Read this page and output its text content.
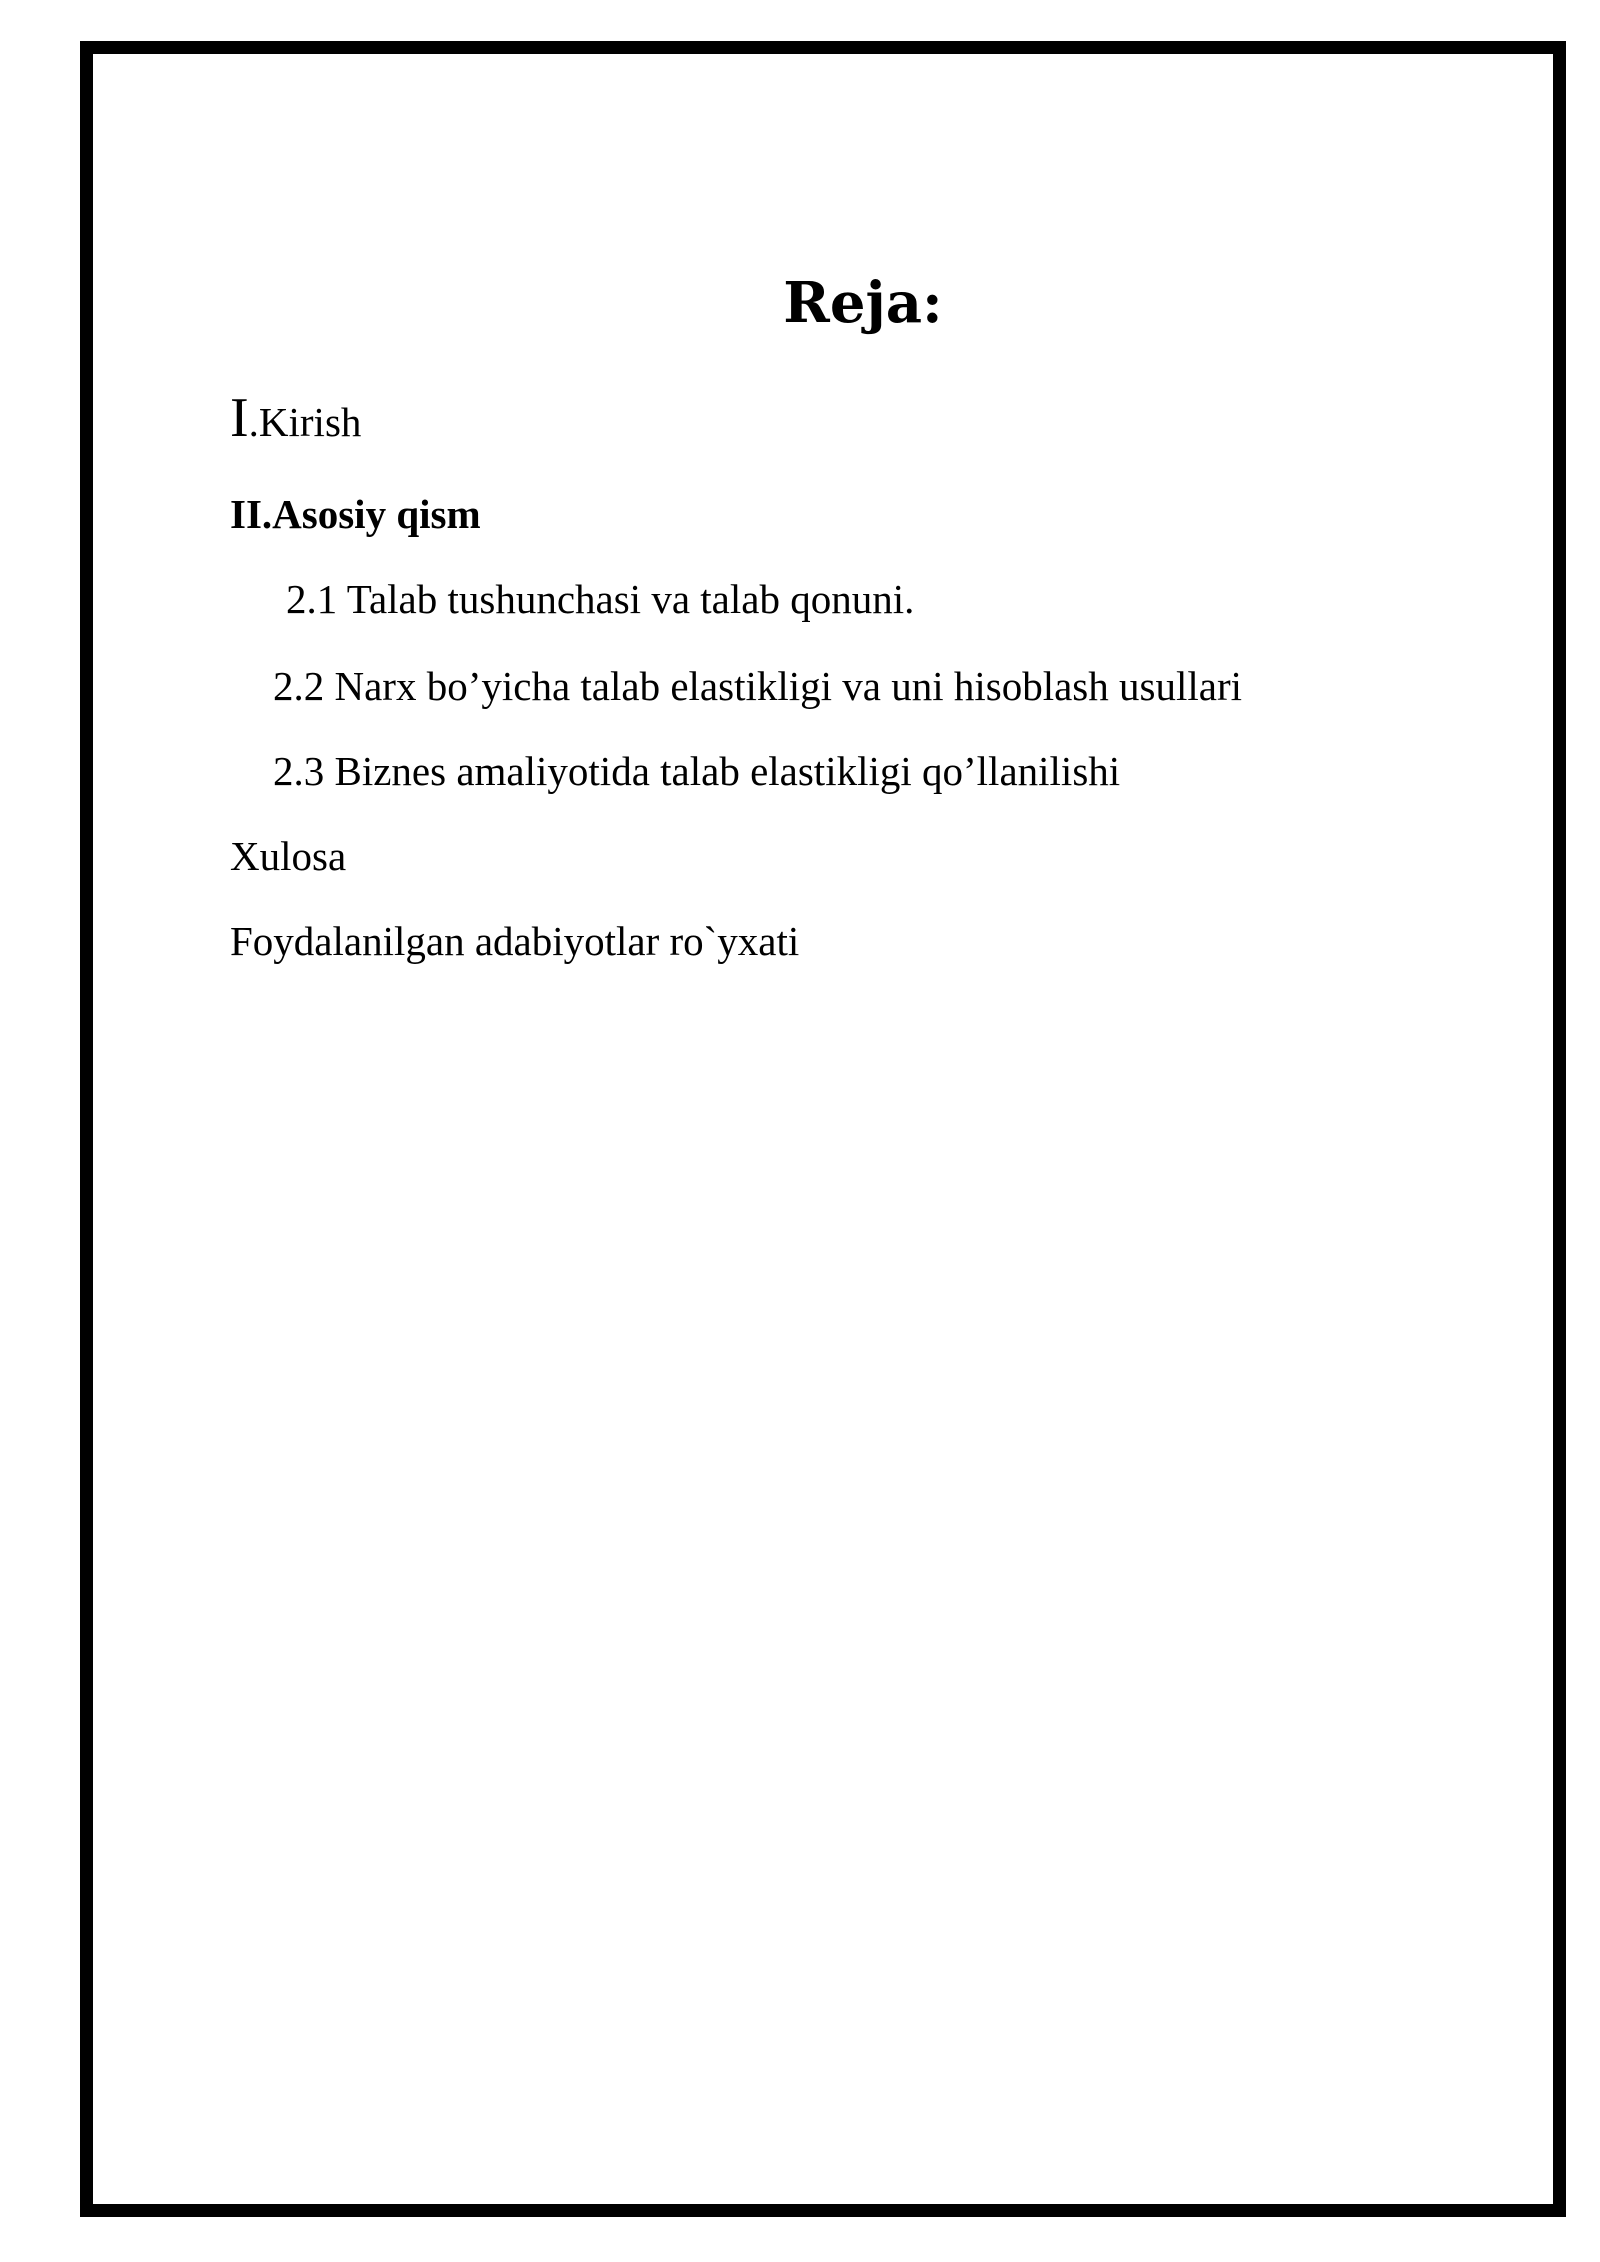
Reja:
I.Kirish
II.Asosiy qism
2.1 Talab tushunchasi va talab qonuni.
2.2 Narx bo’yicha talab elastikligi va uni hisoblash usullari
2.3 Biznes amaliyotida talab elastikligi qo’llanilishi
Xulosa
Foydalanilgan adabiyotlar ro`yxati
